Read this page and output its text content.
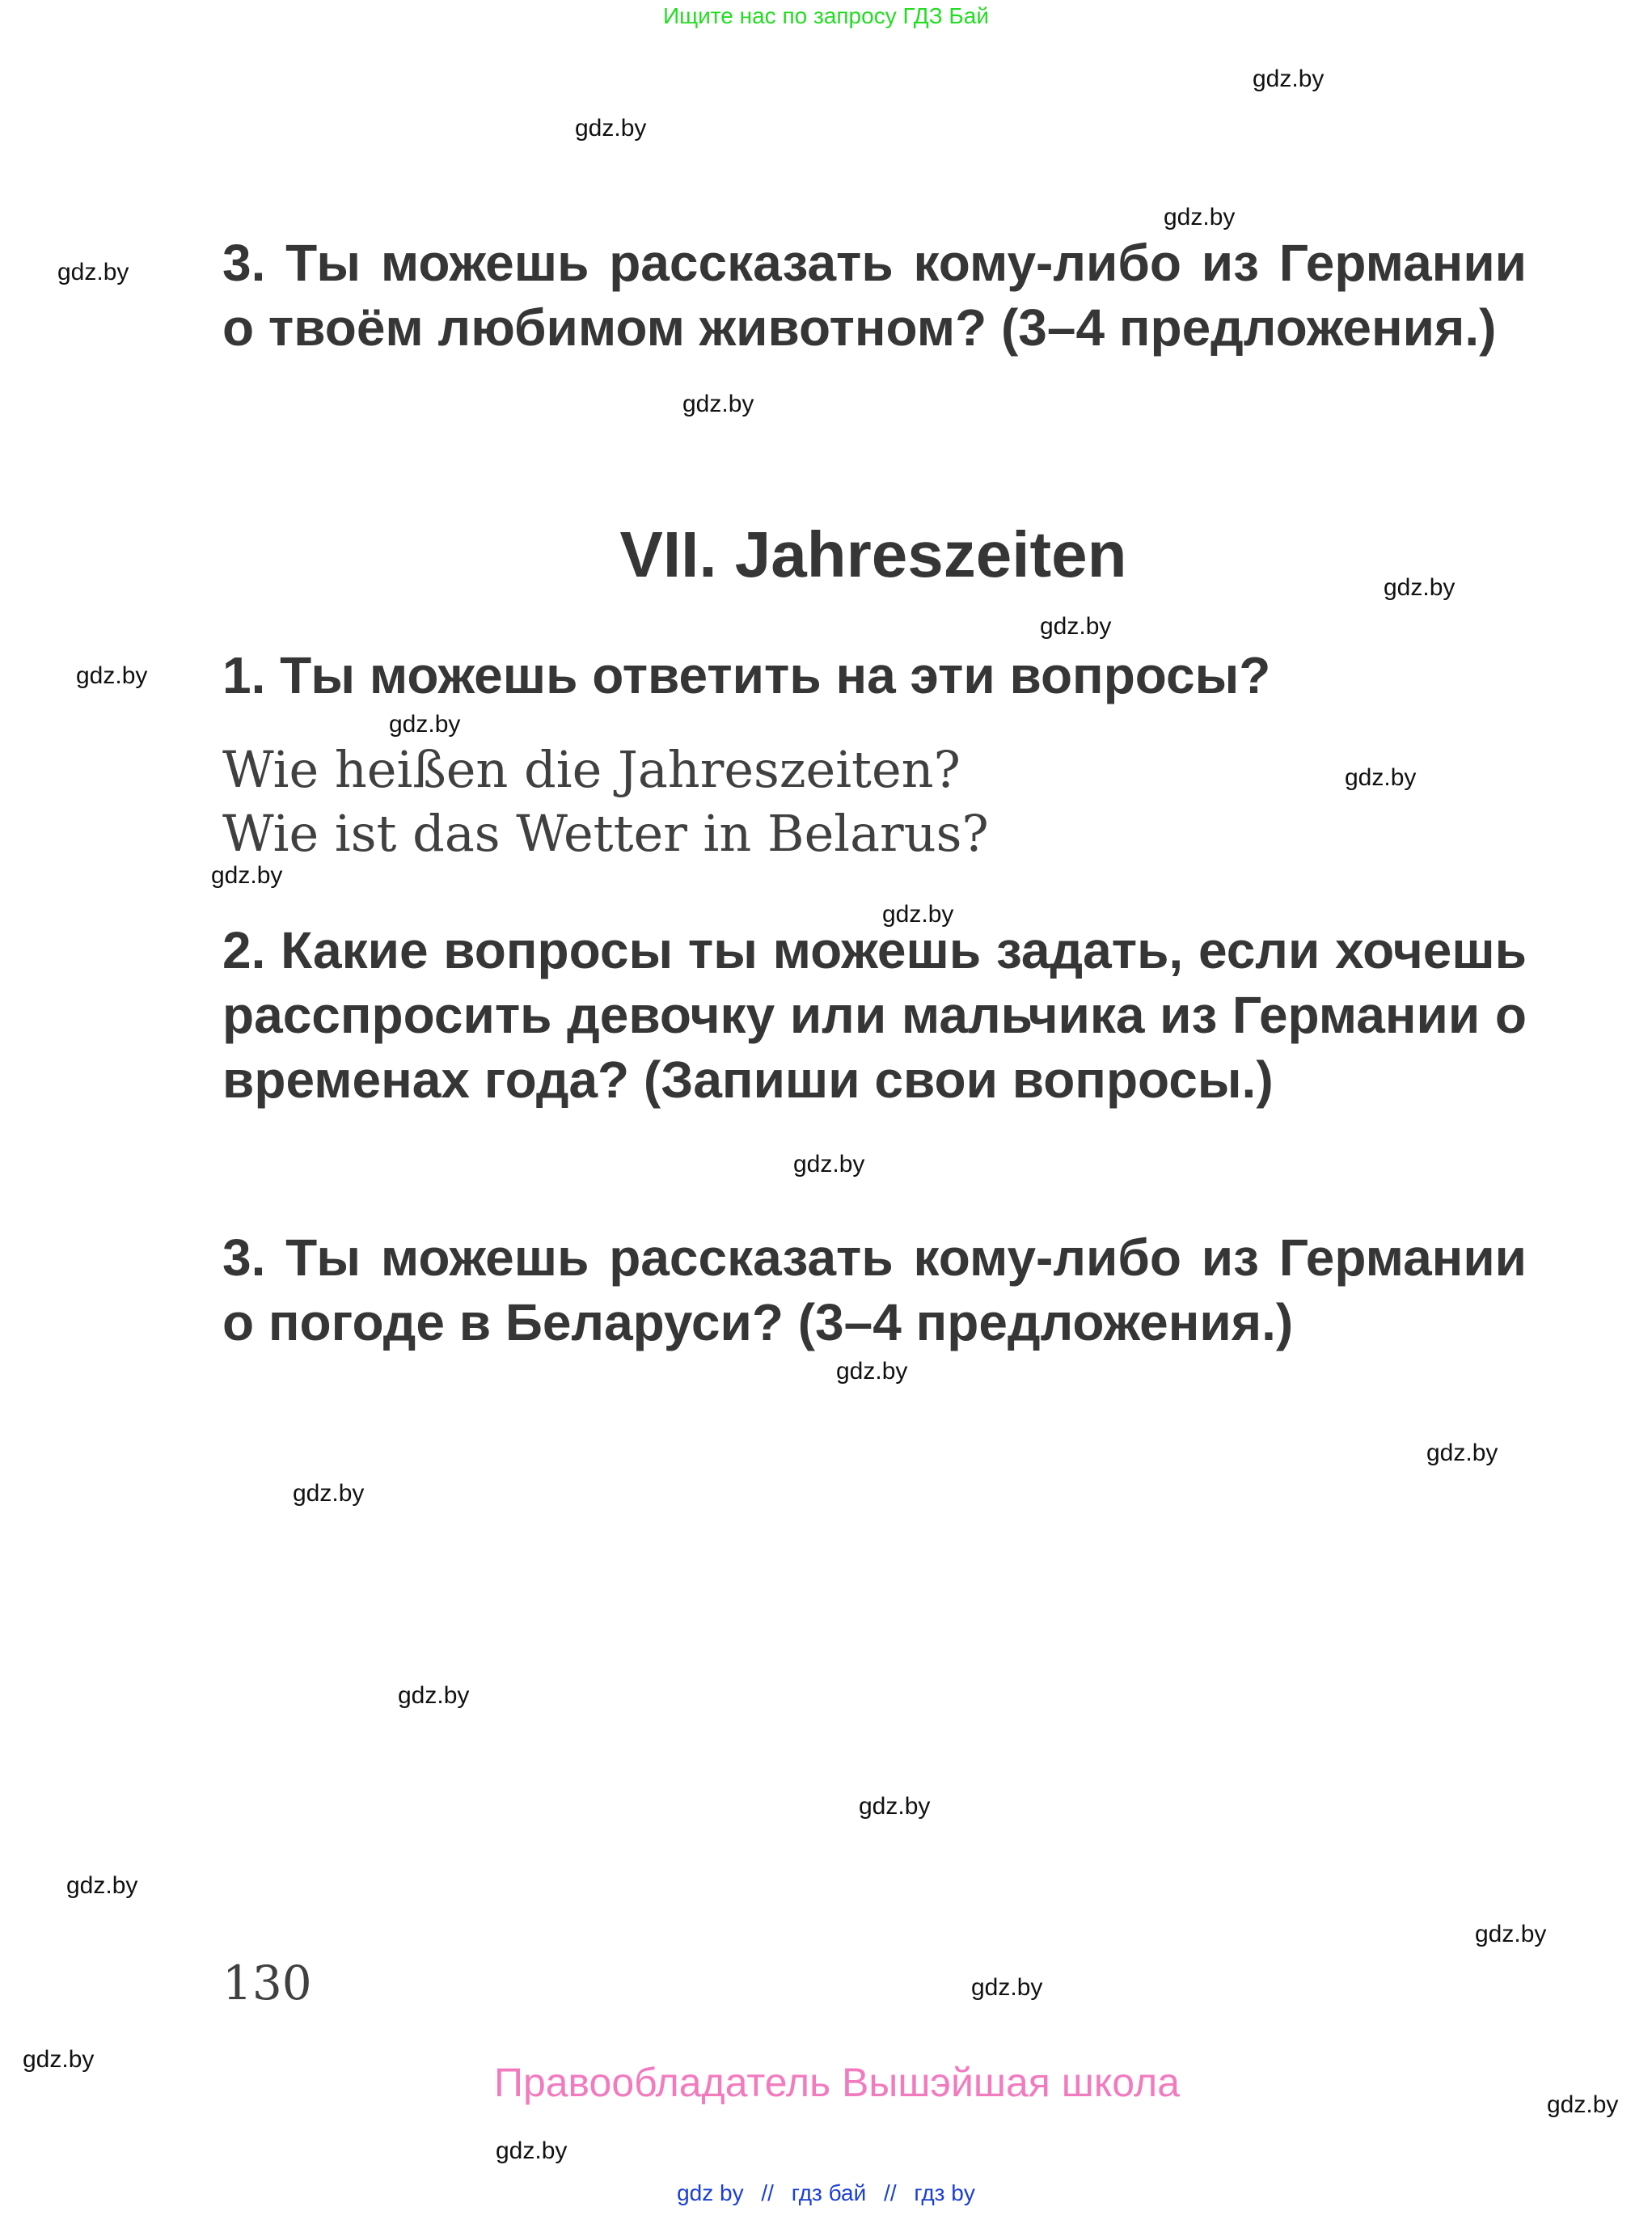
Ищите нас по запросу ГДЗ Бай
3. Ты можешь рассказать кому-либо из Германии о твоём любимом животном? (3–4 предложения.)
VII. Jahreszeiten
1. Ты можешь ответить на эти вопросы?
Wie heißen die Jahreszeiten?
Wie ist das Wetter in Belarus?
2. Какие вопросы ты можешь задать, если хочешь расспросить девочку или мальчика из Германии о временах года? (Запиши свои вопросы.)
3. Ты можешь рассказать кому-либо из Германии о погоде в Беларуси? (3–4 предложения.)
130
Правообладатель Вышэйшая школа
gdz by // гдз бай // гдз by
gdz.by
gdz.by
gdz.by
gdz.by
gdz.by
gdz.by
gdz.by
gdz.by
gdz.by
gdz.by
gdz.by
gdz.by
gdz.by
gdz.by
gdz.by
gdz.by
gdz.by
gdz.by
gdz.by
gdz.by
gdz.by
gdz.by
gdz.by
gdz.by
